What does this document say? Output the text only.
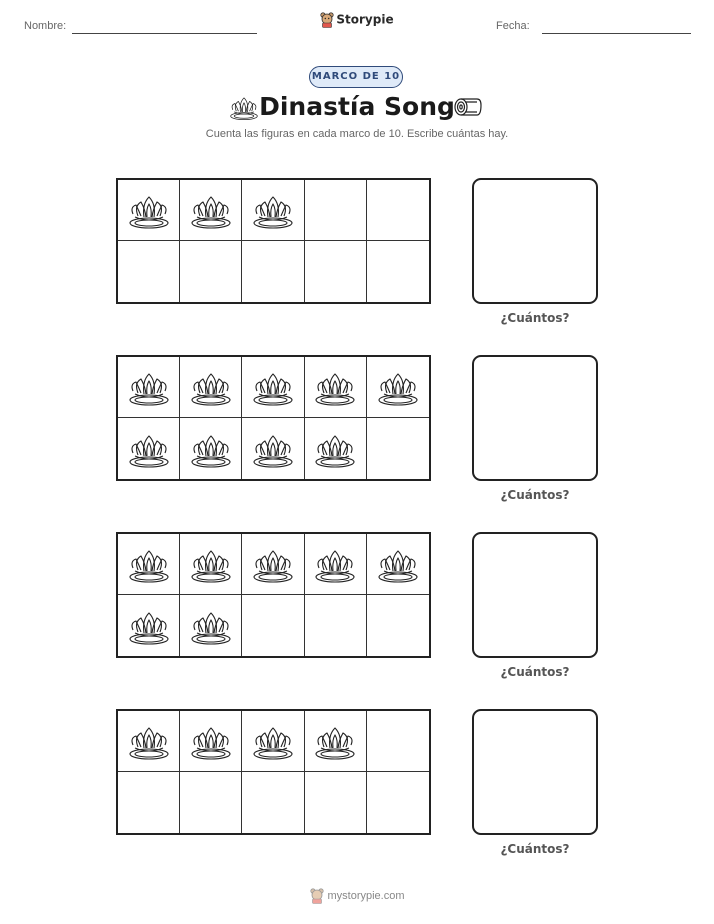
Nombre:	Storypie	Fecha:
MARCO DE 10
Dinastía Song
Cuenta las figuras en cada marco de 10. Escribe cuántas hay.
¿Cuántos?
¿Cuántos?
¿Cuántos?
¿Cuántos?
mystorypie.com
